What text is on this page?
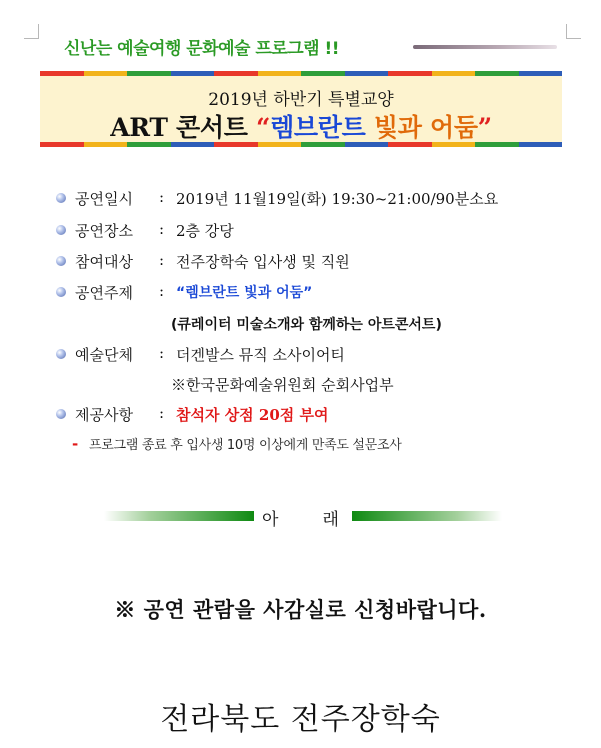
신난는 예술여행 문화예술 프로그램 !!
2019년 하반기 특별교양
ART 콘서트 “렘브란트 빛과 어둠”
공연일시 : 2019년 11월19일(화) 19:30~21:00/90분소요
공연장소 : 2층 강당
참여대상 : 전주장학숙 입사생 및 직원
공연주제 : “렘브란트 빛과 어둠”
(큐레이터 미술소개와 함께하는 아트콘서트)
예술단체 : 더겐발스 뮤직 소사이어티
※한국문화예술위원회 순회사업부
제공사항 : 참석자 상점 20점 부여
- 프로그램 종료 후 입사생 10명 이상에게 만족도 설문조사
아	래
※ 공연 관람을 사감실로 신청바랍니다.
전라북도 전주장학숙
